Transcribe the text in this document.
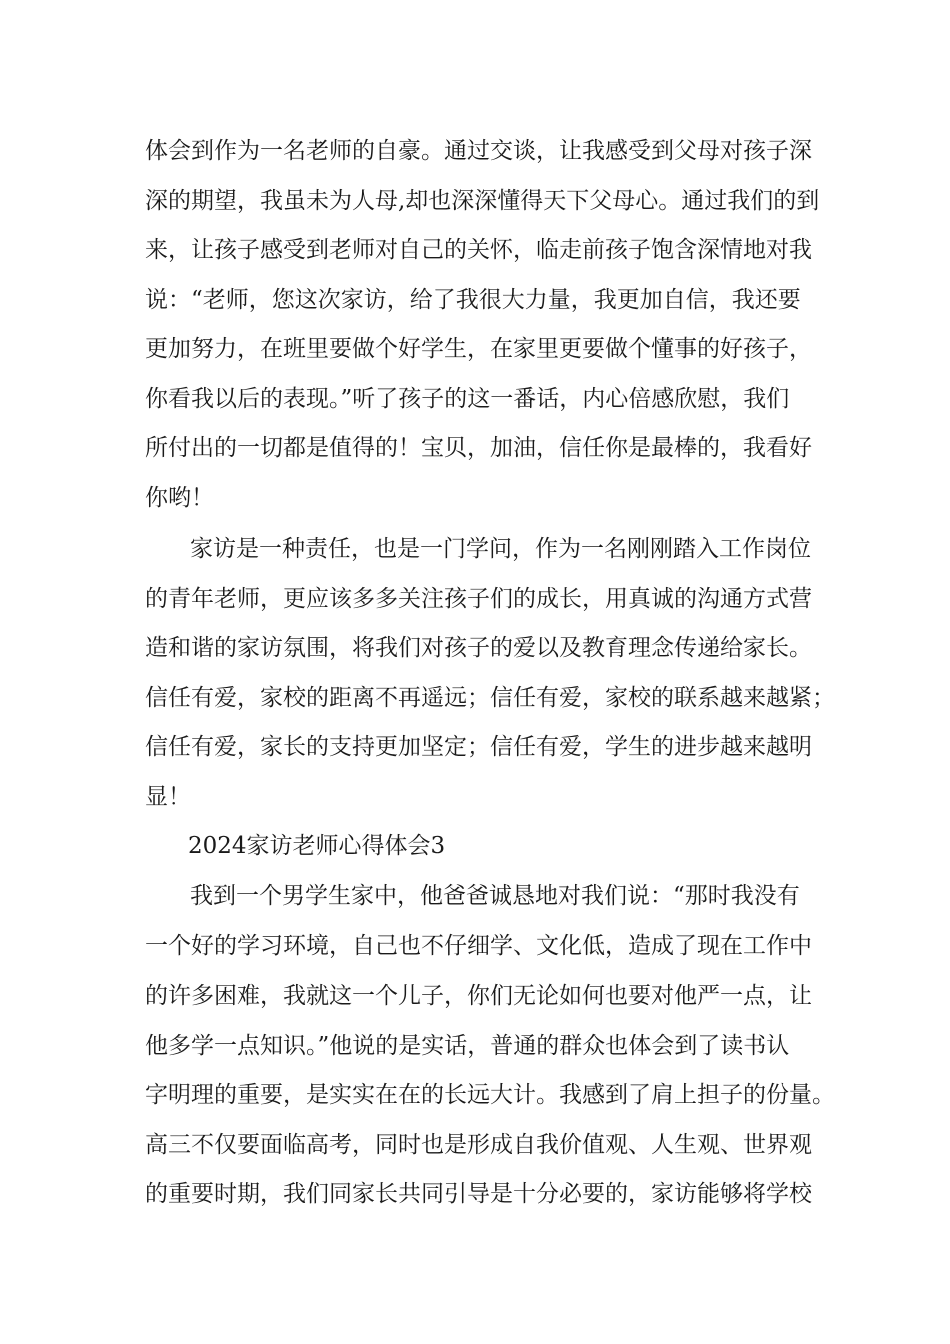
体会到作为一名老师的自豪。通过交谈，让我感受到父母对孩子深
深的期望，我虽未为人母,却也深深懂得天下父母心。通过我们的到
来，让孩子感受到老师对自己的关怀，临走前孩子饱含深情地对我
说：“老师，您这次家访，给了我很大力量，我更加自信，我还要
更加努力，在班里要做个好学生，在家里更要做个懂事的好孩子，
你看我以后的表现。”听了孩子的这一番话，内心倍感欣慰，我们
所付出的一切都是值得的！宝贝，加油，信任你是最棒的，我看好
你哟！
家访是一种责任，也是一门学问，作为一名刚刚踏入工作岗位
的青年老师，更应该多多关注孩子们的成长，用真诚的沟通方式营
造和谐的家访氛围，将我们对孩子的爱以及教育理念传递给家长。
信任有爱，家校的距离不再遥远；信任有爱，家校的联系越来越紧；
信任有爱，家长的支持更加坚定；信任有爱，学生的进步越来越明
显！
2024家访老师心得体会3
我到一个男学生家中，他爸爸诚恳地对我们说：“那时我没有
一个好的学习环境，自己也不仔细学、文化低，造成了现在工作中
的许多困难，我就这一个儿子，你们无论如何也要对他严一点，让
他多学一点知识。”他说的是实话，普通的群众也体会到了读书认
字明理的重要，是实实在在的长远大计。我感到了肩上担子的份量。
高三不仅要面临高考，同时也是形成自我价值观、人生观、世界观
的重要时期，我们同家长共同引导是十分必要的，家访能够将学校
